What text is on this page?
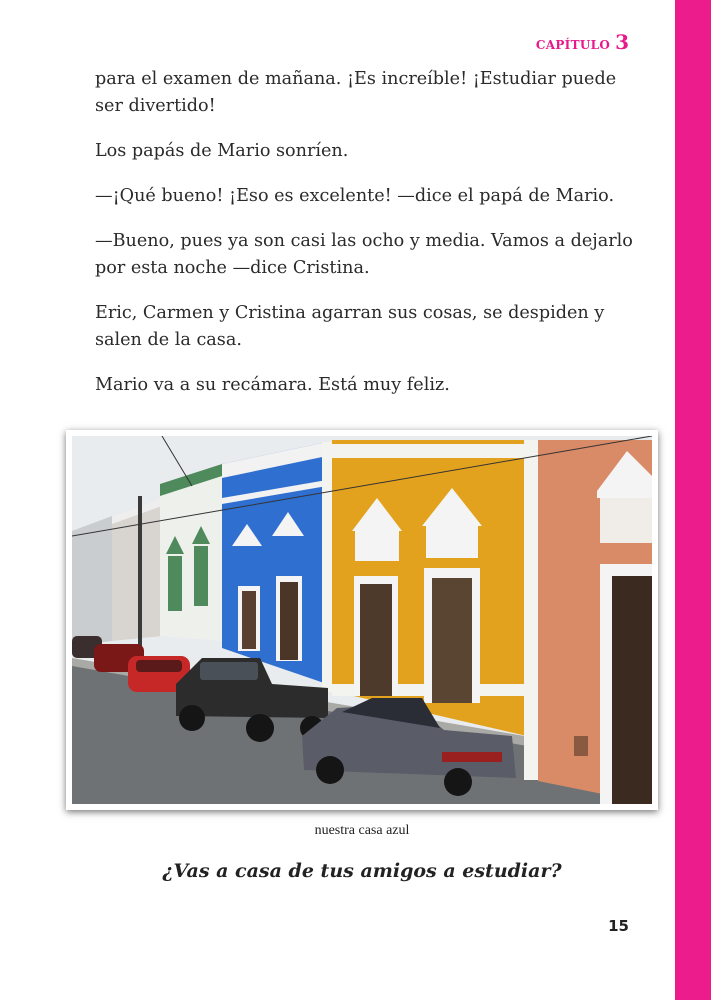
CAPÍTULO 3

para el examen de mañana. ¡Es increíble! ¡Estudiar puede ser divertido!

Los papás de Mario sonríen.

—¡Qué bueno! ¡Eso es excelente! —dice el papá de Mario.

—Bueno, pues ya son casi las ocho y media. Vamos a dejarlo por esta noche —dice Cristina.

Eric, Carmen y Cristina agarran sus cosas, se despiden y salen de la casa.

Mario va a su recámara. Está muy feliz.

nuestra casa azul
¿Vas a casa de tus amigos a estudiar?
15
